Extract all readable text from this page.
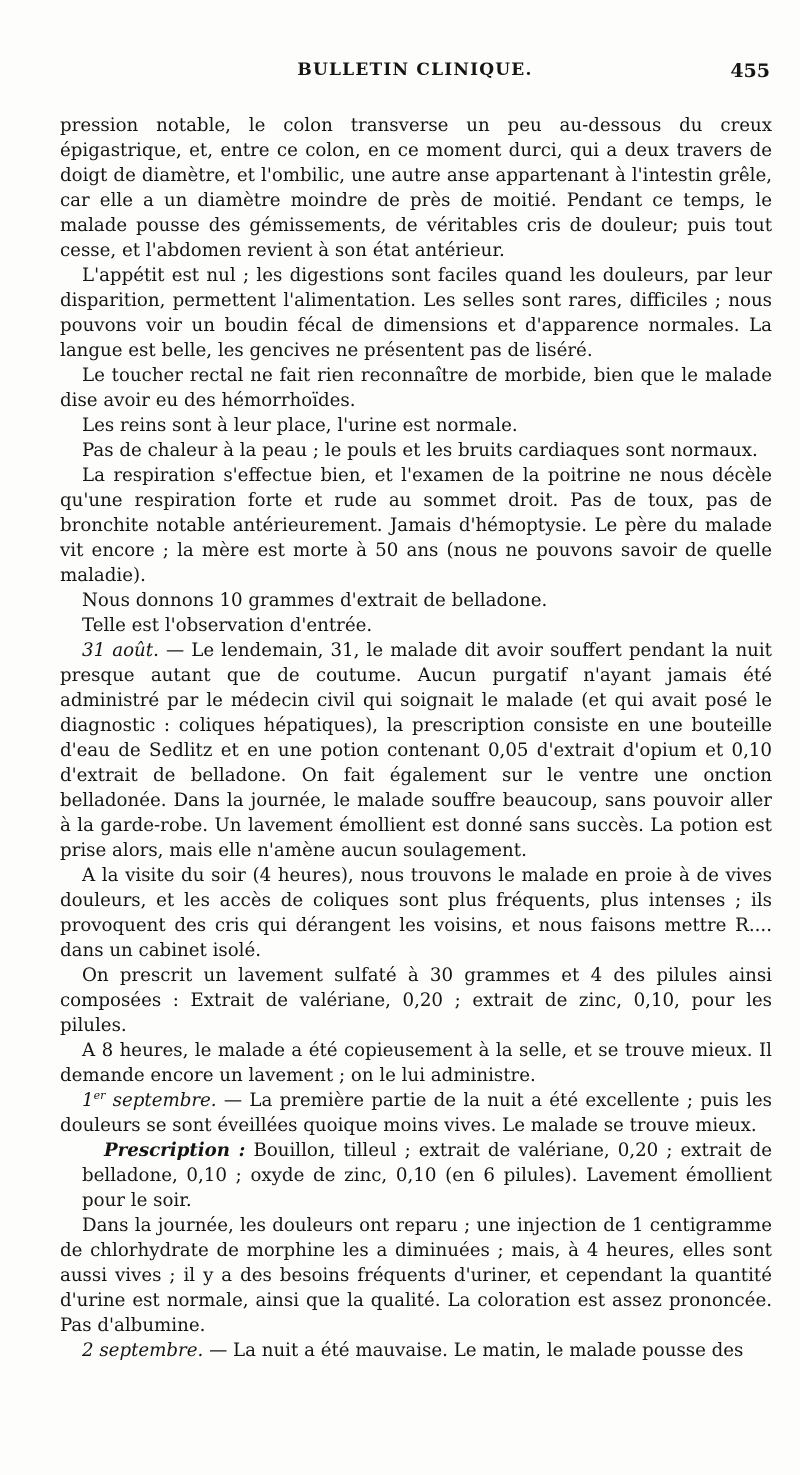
BULLETIN CLINIQUE.	455

pression notable, le colon transverse un peu au-dessous du creux épigastrique, et, entre ce colon, en ce moment durci, qui a deux travers de doigt de diamètre, et l'ombilic, une autre anse appartenant à l'intestin grêle, car elle a un diamètre moindre de près de moitié. Pendant ce temps, le malade pousse des gémissements, de véritables cris de douleur; puis tout cesse, et l'abdomen revient à son état antérieur.

L'appétit est nul ; les digestions sont faciles quand les douleurs, par leur disparition, permettent l'alimentation. Les selles sont rares, difficiles ; nous pouvons voir un boudin fécal de dimensions et d'apparence normales. La langue est belle, les gencives ne présentent pas de liséré.

Le toucher rectal ne fait rien reconnaître de morbide, bien que le malade dise avoir eu des hémorrhoïdes.

Les reins sont à leur place, l'urine est normale.

Pas de chaleur à la peau ; le pouls et les bruits cardiaques sont normaux.

La respiration s'effectue bien, et l'examen de la poitrine ne nous décèle qu'une respiration forte et rude au sommet droit. Pas de toux, pas de bronchite notable antérieurement. Jamais d'hémoptysie. Le père du malade vit encore ; la mère est morte à 50 ans (nous ne pouvons savoir de quelle maladie).

Nous donnons 10 grammes d'extrait de belladone.

Telle est l'observation d'entrée.

31 août. — Le lendemain, 31, le malade dit avoir souffert pendant la nuit presque autant que de coutume. Aucun purgatif n'ayant jamais été administré par le médecin civil qui soignait le malade (et qui avait posé le diagnostic : coliques hépatiques), la prescription consiste en une bouteille d'eau de Sedlitz et en une potion contenant 0,05 d'extrait d'opium et 0,10 d'extrait de belladone. On fait également sur le ventre une onction belladonée. Dans la journée, le malade souffre beaucoup, sans pouvoir aller à la garde-robe. Un lavement émollient est donné sans succès. La potion est prise alors, mais elle n'amène aucun soulagement.

A la visite du soir (4 heures), nous trouvons le malade en proie à de vives douleurs, et les accès de coliques sont plus fréquents, plus intenses ; ils provoquent des cris qui dérangent les voisins, et nous faisons mettre R.... dans un cabinet isolé.

On prescrit un lavement sulfaté à 30 grammes et 4 des pilules ainsi composées : Extrait de valériane, 0,20 ; extrait de zinc, 0,10, pour les pilules.

A 8 heures, le malade a été copieusement à la selle, et se trouve mieux. Il demande encore un lavement ; on le lui administre.

1er septembre. — La première partie de la nuit a été excellente ; puis les douleurs se sont éveillées quoique moins vives. Le malade se trouve mieux.

Prescription : Bouillon, tilleul ; extrait de valériane, 0,20 ; extrait de belladone, 0,10 ; oxyde de zinc, 0,10 (en 6 pilules). Lavement émollient pour le soir.

Dans la journée, les douleurs ont reparu ; une injection de 1 centigramme de chlorhydrate de morphine les a diminuées ; mais, à 4 heures, elles sont aussi vives ; il y a des besoins fréquents d'uriner, et cependant la quantité d'urine est normale, ainsi que la qualité. La coloration est assez prononcée. Pas d'albumine.

2 septembre. — La nuit a été mauvaise. Le matin, le malade pousse des
